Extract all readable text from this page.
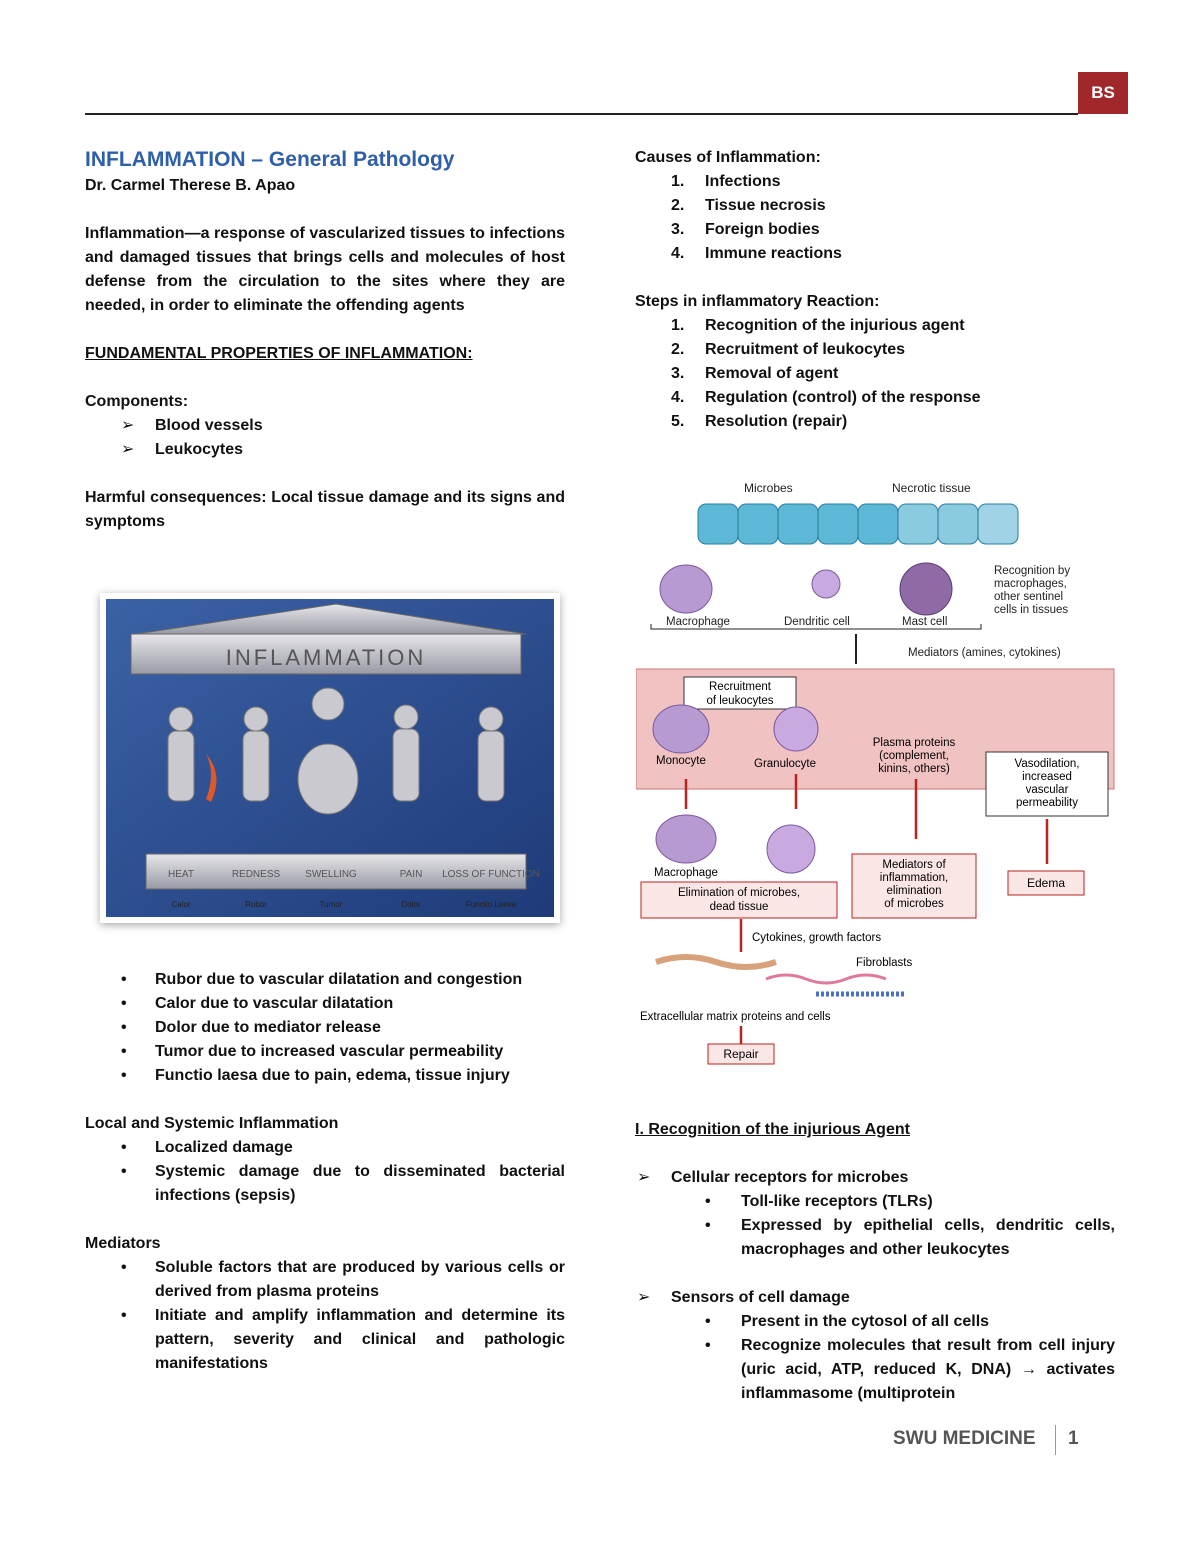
BS
INFLAMMATION – General Pathology
Dr. Carmel Therese B. Apao
Inflammation—a response of vascularized tissues to infections and damaged tissues that brings cells and molecules of host defense from the circulation to the sites where they are needed, in order to eliminate the offending agents
FUNDAMENTAL PROPERTIES OF INFLAMMATION:
Components:
➢ Blood vessels
➢ Leukocytes
Harmful consequences: Local tissue damage and its signs and symptoms
INFLAMMATION
HEAT	REDNESS SWELLING	PAIN LOSS OF FUNCTION
Calor	Rubor	Tumor	Dolor	Functio Laesa
• Rubor due to vascular dilatation and congestion
• Calor due to vascular dilatation
• Dolor due to mediator release
• Tumor due to increased vascular permeability
• Functio laesa due to pain, edema, tissue injury
Local and Systemic Inflammation
• Localized damage
• Systemic damage due to disseminated bacterial infections (sepsis)
Mediators
• Soluble factors that are produced by various cells or derived from plasma proteins
• Initiate and amplify inflammation and determine its pattern, severity and clinical and pathologic manifestations
Causes of Inflammation:
1. Infections
2. Tissue necrosis
3. Foreign bodies
4. Immune reactions
Steps in inflammatory Reaction:
1. Recognition of the injurious agent
2. Recruitment of leukocytes
3. Removal of agent
4. Regulation (control) of the response
5. Resolution (repair)
Microbes	Necrotic tissue
Recognition by
macrophages,
other sentinel
cells in tissues
Macrophage	Dendritic cell	Mast cell
Mediators (amines, cytokines)
Recruitment
of leukocytes
Monocyte	Granulocyte
Plasma proteins
(complement,
kinins, others)	Vasodilation,
increased
vascular
permeability
Macrophage
Elimination of microbes,
dead tissue
Mediators of
inflammation,
elimination
of microbes
Edema
Cytokines, growth factors
Fibroblasts
Extracellular matrix proteins and cells
Repair
I. Recognition of the injurious Agent
➢ Cellular receptors for microbes
• Toll-like receptors (TLRs)
• Expressed by epithelial cells, dendritic cells, macrophages and other leukocytes
➢ Sensors of cell damage
• Present in the cytosol of all cells
• Recognize molecules that result from cell injury (uric acid, ATP, reduced K, DNA) → activates inflammasome (multiprotein
SWU MEDICINE 1
